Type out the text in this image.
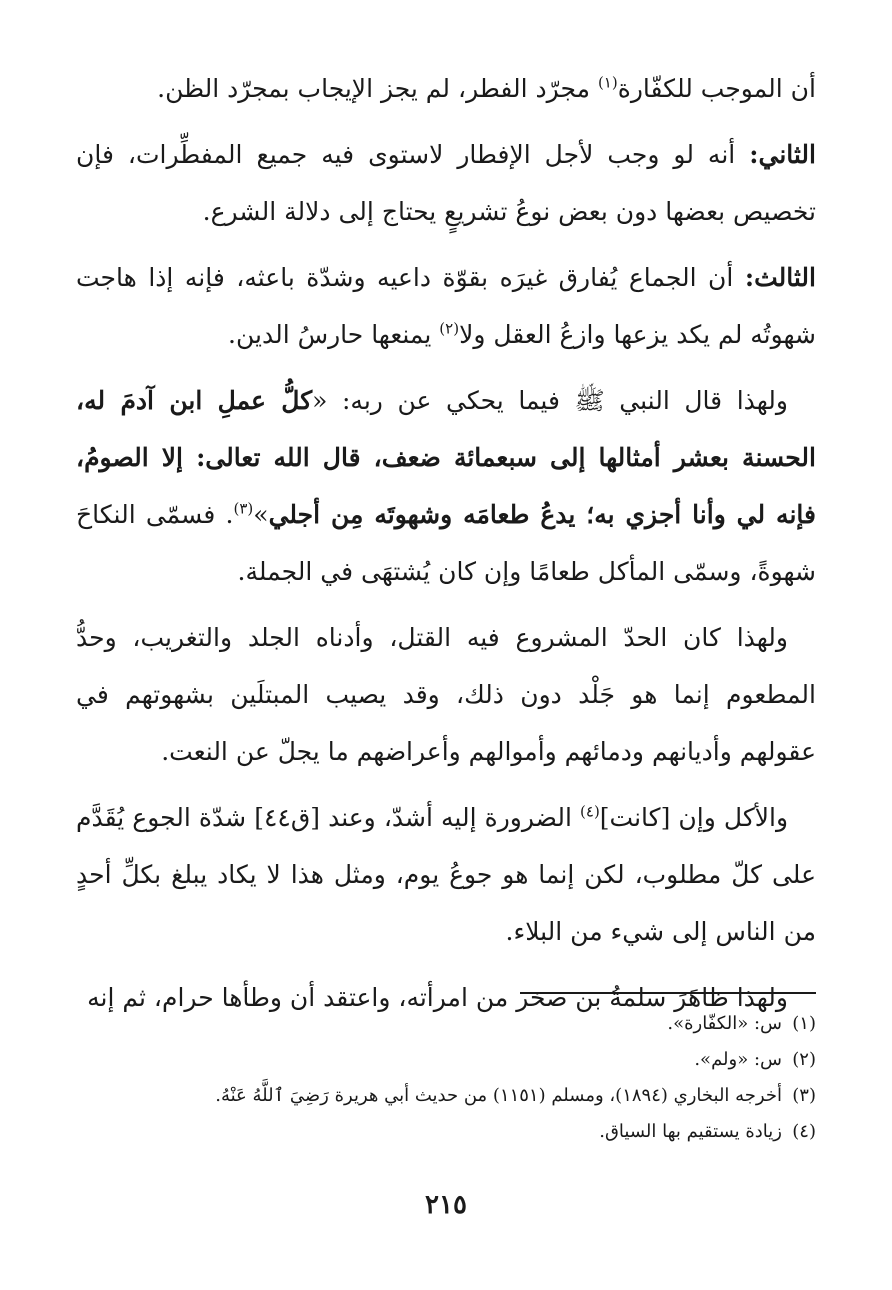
أن الموجب للكفّارة$^{(١)}$ مجرّد الفطر، لم يجز الإيجاب بمجرّد الظن.

الثاني: أنه لو وجب لأجل الإفطار لاستوى فيه جميع المفطِّرات، فإن تخصيص بعضها دون بعض نوعُ تشريعٍ يحتاج إلى دلالة الشرع.

الثالث: أن الجماع يُفارق غيرَه بقوّة داعيه وشدّة باعثه، فإنه إذا هاجت شهوتُه لم يكد يزعها وازعُ العقل ولا$^{(٢)}$ يمنعها حارسُ الدين.

ولهذا قال النبي ﷺ فيما يحكي عن ربه: «كلُّ عملِ ابن آدمَ له، الحسنة بعشر أمثالها إلى سبعمائة ضعف، قال الله تعالى: إلا الصومُ، فإنه لي وأنا أجزي به؛ يدعُ طعامَه وشهوتَه مِن أجلي»$^{(٣)}$. فسمّى النكاحَ شهوةً، وسمّى المأكل طعامًا وإن كان يُشتهَى في الجملة.

ولهذا كان الحدّ المشروع فيه القتل، وأدناه الجلد والتغريب، وحدُّ المطعوم إنما هو جَلْد دون ذلك، وقد يصيب المبتلَين بشهوتهم في عقولهم وأديانهم ودمائهم وأموالهم وأعراضهم ما يجلّ عن النعت.

والأكل وإن [كانت]$^{(٤)}$ الضرورة إليه أشدّ، وعند [ق٤٤] شدّة الجوع يُقَدَّم على كلّ مطلوب، لكن إنما هو جوعُ يوم، ومثل هذا لا يكاد يبلغ بكلِّ أحدٍ من الناس إلى شيء من البلاء.

ولهذا ظاهَرَ سلمةُ بن صخر من امرأته، واعتقد أن وطأها حرام، ثم إنه

(١)
س: «الكفّارة».
(٢)
س: «ولم».
(٣)
أخرجه البخاري (١٨٩٤)، ومسلم (١١٥١) من حديث أبي هريرة رَضِيَ ٱللَّهُ عَنْهُ.
(٤)
زيادة يستقيم بها السياق.
٢١٥
